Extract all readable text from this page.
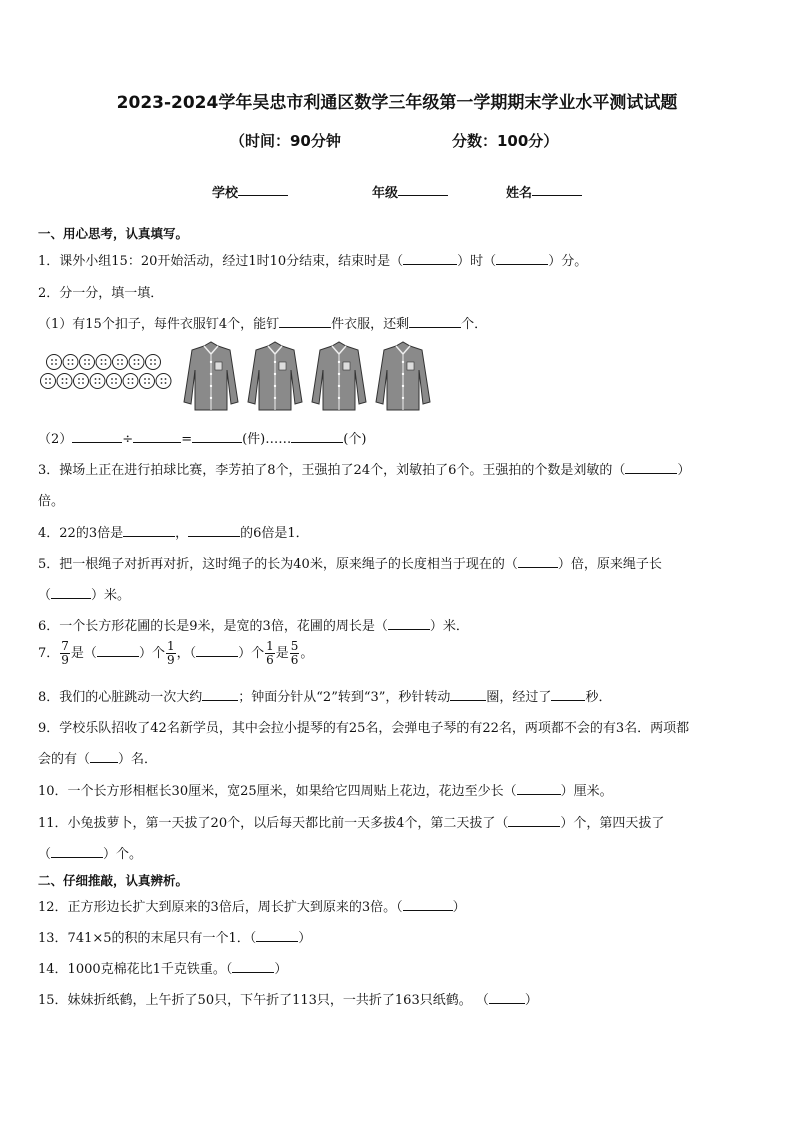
2023-2024学年吴忠市利通区数学三年级第一学期期末学业水平测试试题
（时间：90分钟	分数：100分）
学校	年级	姓名
一、用心思考，认真填写。
1．课外小组15：20开始活动，经过1时10分结束，结束时是（	）时（	）分。
2．分一分，填一填．
（1）有15个扣子，每件衣服钉4个，能钉	件衣服，还剩	个．
（2）	÷	=	(件)……	(个)
3．操场上正在进行拍球比赛，李芳拍了8个，王强拍了24个，刘敏拍了6个。王强拍的个数是刘敏的（	）
倍。
4．22的3倍是	，	的6倍是1．
5．把一根绳子对折再对折，这时绳子的长为40米，原来绳子的长度相当于现在的（	）倍，原来绳子长
（	）米。
6．一个长方形花圃的长是9米，是宽的3倍，花圃的周长是（	）米．
7． $\frac{7}{9}$ 是（	）个 $\frac{1}{9}$ ，（	）个 $\frac{1}{6}$ 是 $\frac{5}{6}$ 。
8．我们的心脏跳动一次大约	；钟面分针从“2”转到“3”，秒针转动	圈，经过了	秒．
9．学校乐队招收了42名新学员，其中会拉小提琴的有25名，会弹电子琴的有22名，两项都不会的有3名．两项都
会的有（ ）名．
10．一个长方形相框长30厘米，宽25厘米，如果给它四周贴上花边，花边至少长（	）厘米。
11．小兔拔萝卜，第一天拔了20个，以后每天都比前一天多拔4个，第二天拔了（	）个，第四天拔了
（	）个。
二、仔细推敲，认真辨析。
12．正方形边长扩大到原来的3倍后，周长扩大到原来的3倍。（	）
13．741×5的积的末尾只有一个1．（	）
14．1000克棉花比1千克铁重。（	）
15．妹妹折纸鹤，上午折了50只，下午折了113只，一共折了163只纸鹤。 （	）
